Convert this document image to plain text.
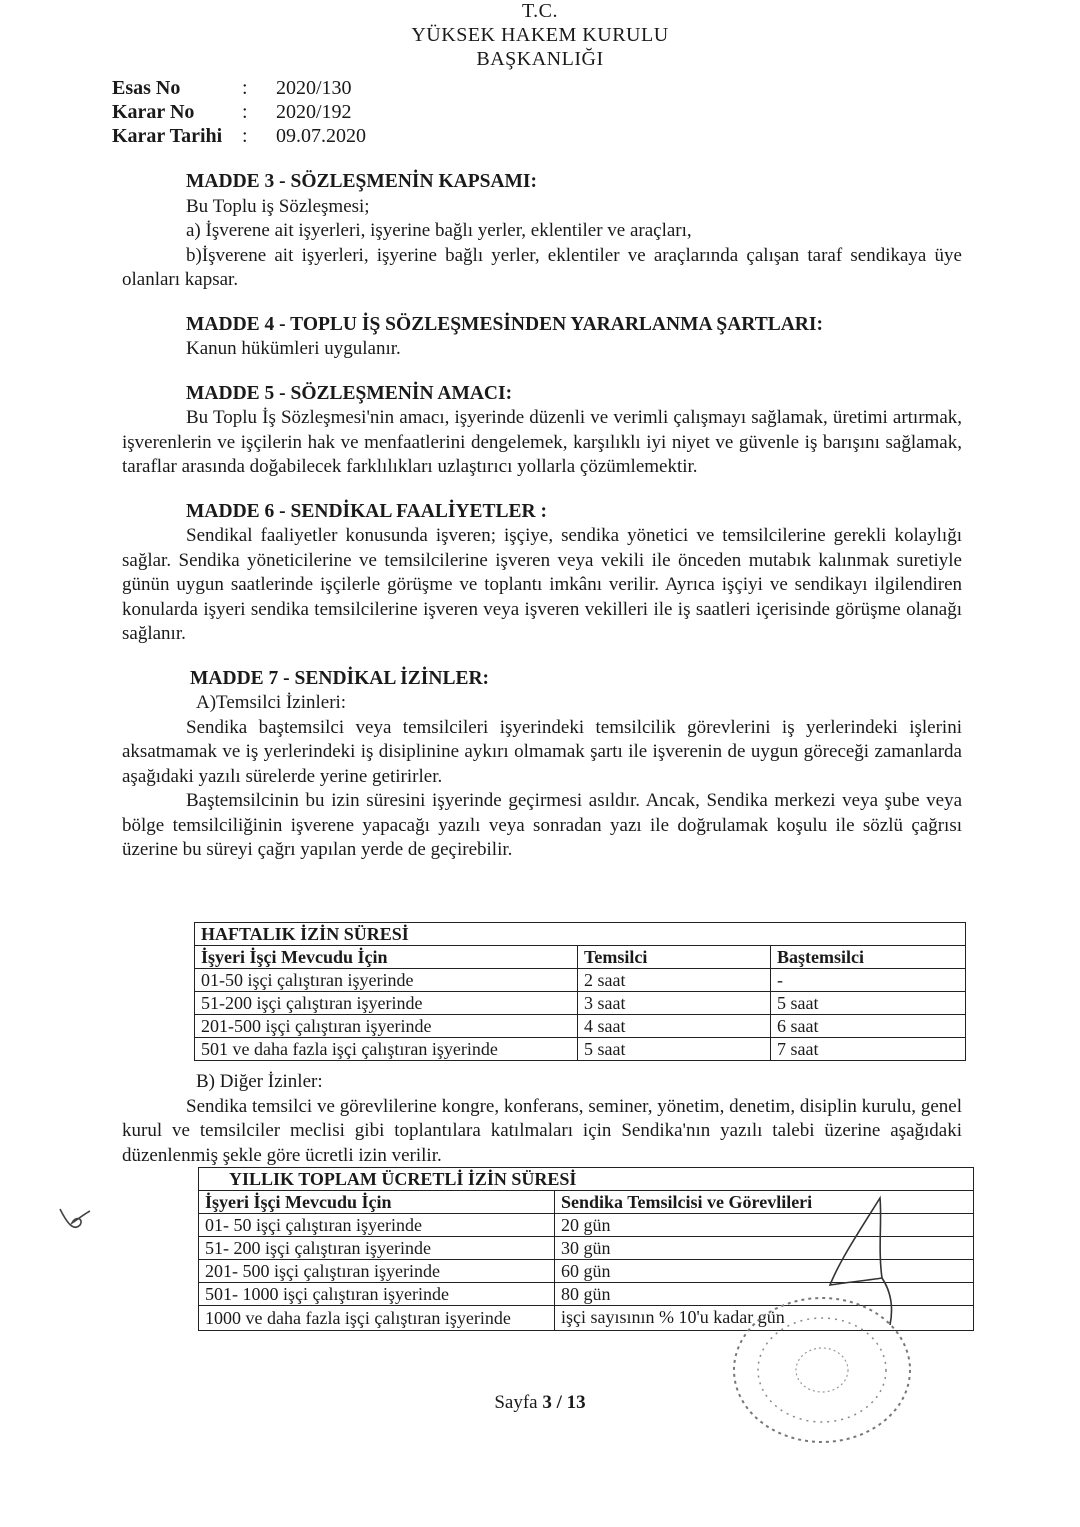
T.C.
YÜKSEK HAKEM KURULU
BAŞKANLIĞI
Esas No	:	2020/130
Karar No	:	2020/192
Karar Tarihi :	09.07.2020
MADDE 3 - SÖZLEŞMENİN KAPSAMI:

Bu Toplu iş Sözleşmesi;

a) İşverene ait işyerleri, işyerine bağlı yerler, eklentiler ve araçları,

b)İşverene ait işyerleri, işyerine bağlı yerler, eklentiler ve araçlarında çalışan taraf sendikaya üye olanları kapsar.

MADDE 4 - TOPLU İŞ SÖZLEŞMESİNDEN YARARLANMA ŞARTLARI:

Kanun hükümleri uygulanır.

MADDE 5 - SÖZLEŞMENİN AMACI:

Bu Toplu İş Sözleşmesi'nin amacı, işyerinde düzenli ve verimli çalışmayı sağlamak, üretimi artırmak, işverenlerin ve işçilerin hak ve menfaatlerini dengelemek, karşılıklı iyi niyet ve güvenle iş barışını sağlamak, taraflar arasında doğabilecek farklılıkları uzlaştırıcı yollarla çözümlemektir.

MADDE 6 - SENDİKAL FAALİYETLER :

Sendikal faaliyetler konusunda işveren; işçiye, sendika yönetici ve temsilcilerine gerekli kolaylığı sağlar. Sendika yöneticilerine ve temsilcilerine işveren veya vekili ile önceden mutabık kalınmak suretiyle günün uygun saatlerinde işçilerle görüşme ve toplantı imkânı verilir. Ayrıca işçiyi ve sendikayı ilgilendiren konularda işyeri sendika temsilcilerine işveren veya işveren vekilleri ile iş saatleri içerisinde görüşme olanağı sağlanır.

MADDE 7 - SENDİKAL İZİNLER:

A)Temsilci İzinleri:

Sendika baştemsilci veya temsilcileri işyerindeki temsilcilik görevlerini iş yerlerindeki işlerini aksatmamak ve iş yerlerindeki iş disiplinine aykırı olmamak şartı ile işverenin de uygun göreceği zamanlarda aşağıdaki yazılı sürelerde yerine getirirler.

Baştemsilcinin bu izin süresini işyerinde geçirmesi asıldır. Ancak, Sendika merkezi veya şube veya bölge temsilciliğinin işverene yapacağı yazılı veya sonradan yazı ile doğrulamak koşulu ile sözlü çağrısı üzerine bu süreyi çağrı yapılan yerde de geçirebilir.

HAFTALIK İZİN SÜRESİ		
İşyeri İşçi Mevcudu İçin	Temsilci	Baştemsilci
01-50 işçi çalıştıran işyerinde	2 saat	-
51-200 işçi çalıştıran işyerinde	3 saat	5 saat
201-500 işçi çalıştıran işyerinde	4 saat	6 saat
501 ve daha fazla işçi çalıştıran işyerinde	5 saat	7 saat

B) Diğer İzinler:

Sendika temsilci ve görevlilerine kongre, konferans, seminer, yönetim, denetim, disiplin kurulu, genel kurul ve temsilciler meclisi gibi toplantılara katılmaları için Sendika'nın yazılı talebi üzerine aşağıdaki düzenlenmiş şekle göre ücretli izin verilir.

YILLIK TOPLAM ÜCRETLİ İZİN SÜRESİ	
İşyeri İşçi Mevcudu İçin	Sendika Temsilcisi ve Görevlileri
01- 50 işçi çalıştıran işyerinde	20 gün
51- 200 işçi çalıştıran işyerinde	30 gün
201- 500 işçi çalıştıran işyerinde	60 gün
501- 1000 işçi çalıştıran işyerinde	80 gün
1000 ve daha fazla işçi çalıştıran işyerinde	işçi sayısının % 10'u kadar gün
Sayfa 3 / 13
